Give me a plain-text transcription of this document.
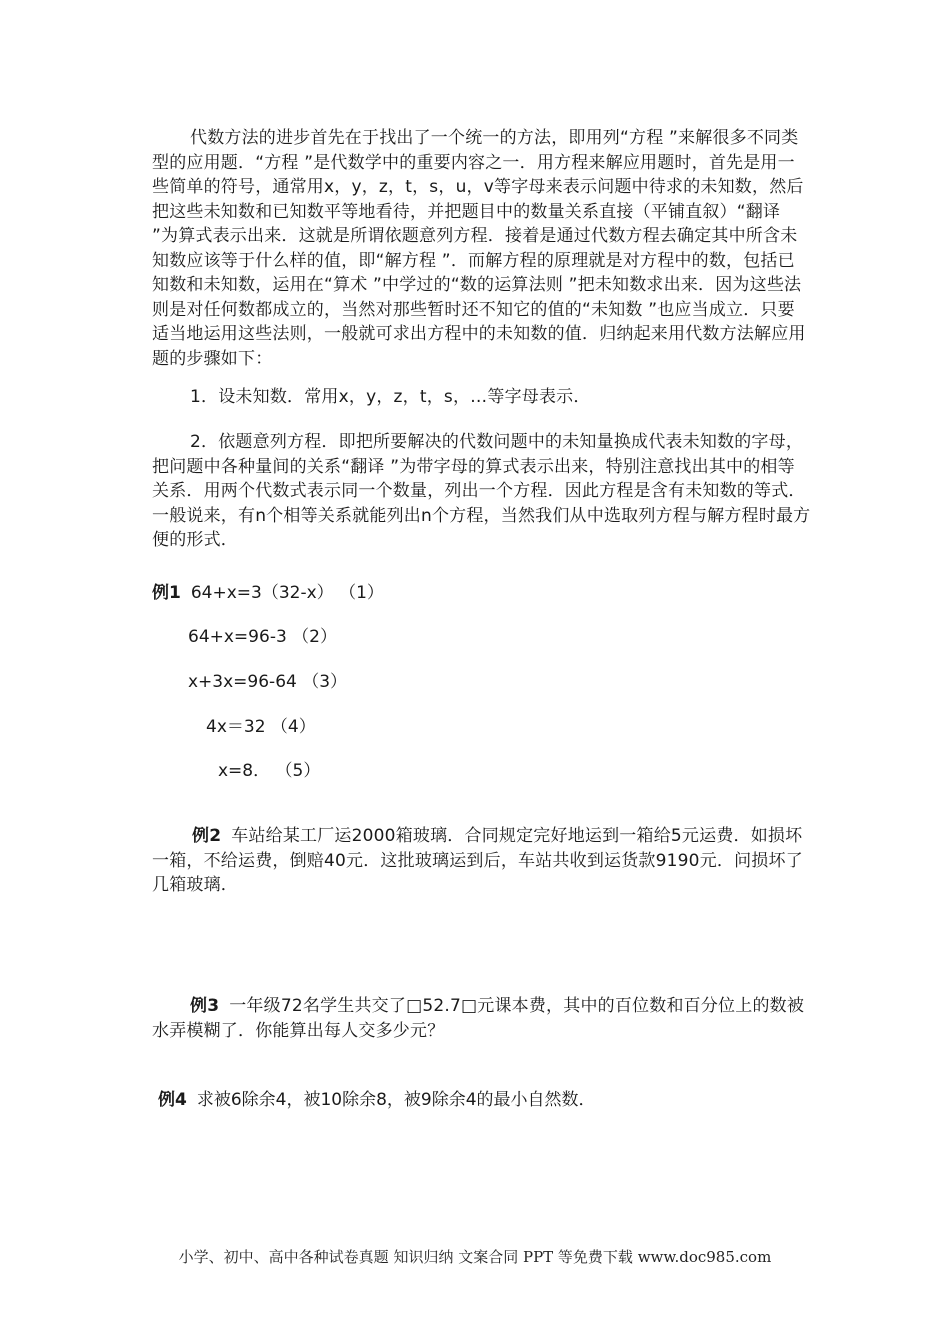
代数方法的进步首先在于找出了一个统一的方法，即用列“方程 ”来解很多不同类型的应用题．“方程 ”是代数学中的重要内容之一．用方程来解应用题时，首先是用一些简单的符号，通常用x，y，z，t，s，u，v等字母来表示问题中待求的未知数，然后把这些未知数和已知数平等地看待，并把题目中的数量关系直接（平铺直叙）“翻译 ”为算式表示出来．这就是所谓依题意列方程．接着是通过代数方程去确定其中所含未知数应该等于什么样的值，即“解方程 ”．而解方程的原理就是对方程中的数，包括已知数和未知数，运用在“算术 ”中学过的“数的运算法则 ”把未知数求出来．因为这些法则是对任何数都成立的，当然对那些暂时还不知它的值的“未知数 ”也应当成立．只要适当地运用这些法则，一般就可求出方程中的未知数的值．归纳起来用代数方法解应用题的步骤如下：

1．设未知数．常用x，y，z，t，s，…等字母表示．

2．依题意列方程．即把所要解决的代数问题中的未知量换成代表未知数的字母，把问题中各种量间的关系“翻译 ”为带字母的算式表示出来，特别注意找出其中的相等关系．用两个代数式表示同一个数量，列出一个方程．因此方程是含有未知数的等式．一般说来，有n个相等关系就能列出n个方程，当然我们从中选取列方程与解方程时最方便的形式．

例1 64+x=3（32-x） （1）
64+x=96-3 （2）
x+3x=96-64 （3）
4x＝32 （4）
x=8． （5）

例2 车站给某工厂运2000箱玻璃．合同规定完好地运到一箱给5元运费．如损坏一箱，不给运费，倒赔40元．这批玻璃运到后，车站共收到运货款9190元．问损坏了几箱玻璃．

例3 一年级72名学生共交了□52.7□元课本费，其中的百位数和百分位上的数被水弄模糊了．你能算出每人交多少元？

例4 求被6除余4，被10除余8，被9除余4的最小自然数．
小学、初中、高中各种试卷真题 知识归纳 文案合同 PPT 等免费下载 www.doc985.com
